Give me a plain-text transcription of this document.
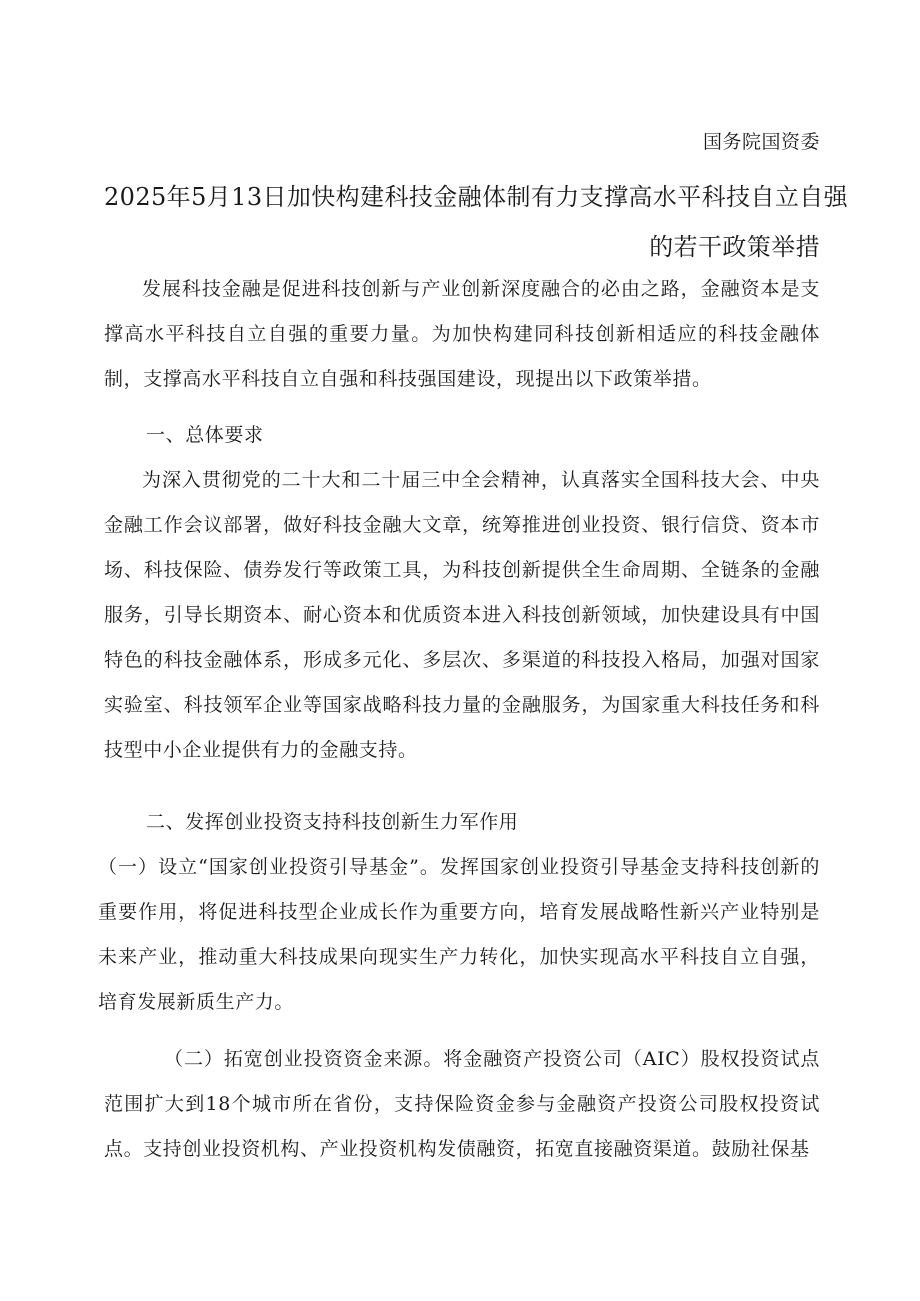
国务院国资委
2025年5月13日加快构建科技金融体制有力支撑高水平科技自立自强
的若干政策举措

发展科技金融是促进科技创新与产业创新深度融合的必由之路，金融资本是支撑高水平科技自立自强的重要力量。为加快构建同科技创新相适应的科技金融体制，支撑高水平科技自立自强和科技强国建设，现提出以下政策举措。

一、总体要求

为深入贯彻党的二十大和二十届三中全会精神，认真落实全国科技大会、中央金融工作会议部署，做好科技金融大文章，统筹推进创业投资、银行信贷、资本市场、科技保险、债券发行等政策工具，为科技创新提供全生命周期、全链条的金融服务，引导长期资本、耐心资本和优质资本进入科技创新领域，加快建设具有中国特色的科技金融体系，形成多元化、多层次、多渠道的科技投入格局，加强对国家实验室、科技领军企业等国家战略科技力量的金融服务，为国家重大科技任务和科技型中小企业提供有力的金融支持。

二、发挥创业投资支持科技创新生力军作用

（一）设立“国家创业投资引导基金”。发挥国家创业投资引导基金支持科技创新的重要作用，将促进科技型企业成长作为重要方向，培育发展战略性新兴产业特别是未来产业，推动重大科技成果向现实生产力转化，加快实现高水平科技自立自强，培育发展新质生产力。

（二）拓宽创业投资资金来源。将金融资产投资公司（AIC）股权投资试点范围扩大到18个城市所在省份，支持保险资金参与金融资产投资公司股权投资试点。支持创业投资机构、产业投资机构发债融资，拓宽直接融资渠道。鼓励社保基
